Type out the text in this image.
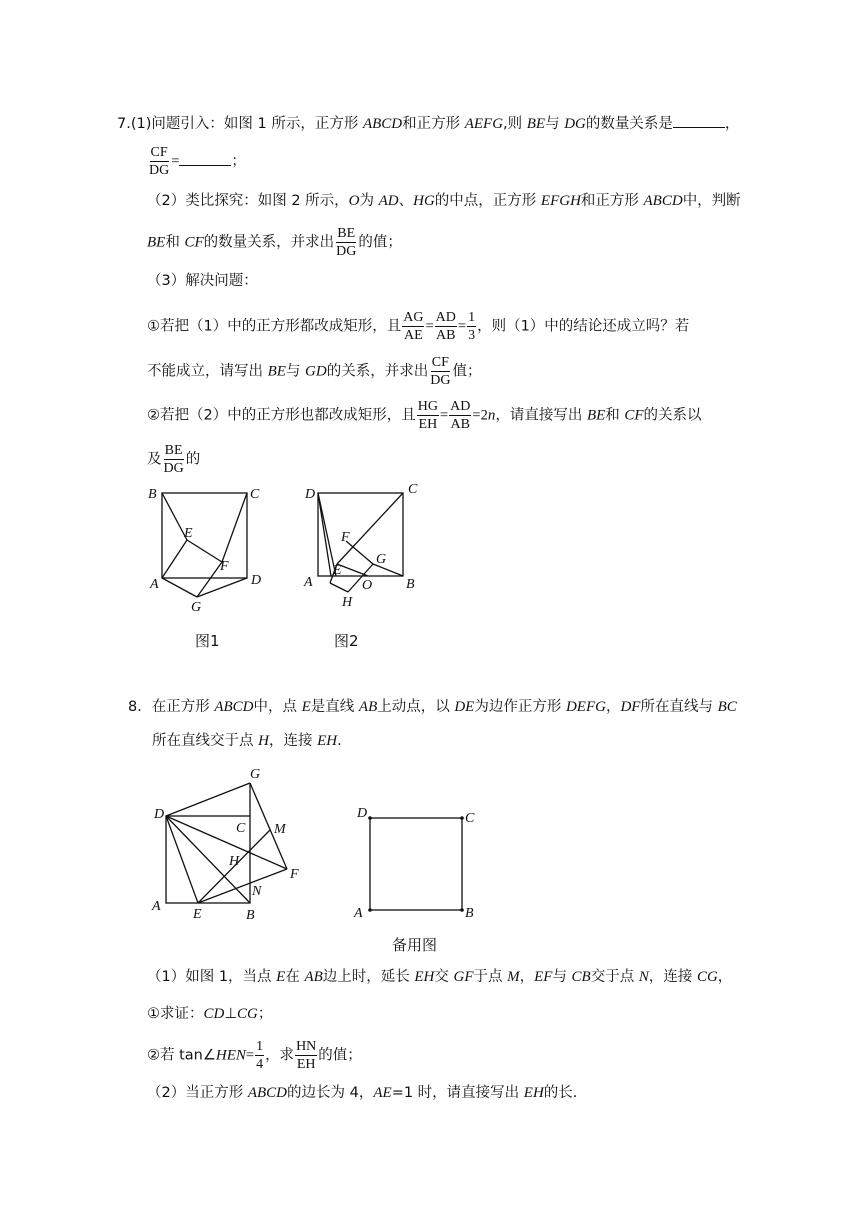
7.(1)问题引入：如图 1 所示，正方形 ABCD和正方形 AEFG,则 BE与 DG的数量关系是	，
$\frac{CF}{DG}$ =	；
（2）类比探究：如图 2 所示，O为 AD、HG的中点，正方形 EFGH和正方形 ABCD中，判断
BE和 CF的数量关系，并求出 $\frac{BE}{DG}$ 的值；
（3）解决问题：
①若把（1）中的正方形都改成矩形，且 $\frac{AG}{AE} = \frac{AD}{AB} = \frac{1}{3}$ ，则（1）中的结论还成立吗？若
不能成立，请写出 BE与 GD的关系，并求出 $\frac{CF}{DG}$ 值；
②若把（2）中的正方形也都改成矩形，且 $\frac{HG}{EH} = \frac{AD}{AB} =2n$，请直接写出 BE和 CF的关系以
及 $\frac{BE}{DG}$ 的
B	C
E
F
A	D
G
图1
D	C
F
G
A
E
O B
H
图2
8．在正方形 ABCD中，点 E是直线 AB上动点，以 DE为边作正方形 DEFG，DF所在直线与 BC
所在直线交于点 H，连接 EH.
G
D
C M
H
F
N
A
E	B
D	C
A	B
备用图
（1）如图 1，当点 E在 AB边上时，延长 EH交 GF于点 M，EF与 CB交于点 N，连接 CG，
①求证：CD⊥CG；
②若 tan∠HEN= $\frac{1}{4}$ ，求 $\frac{HN}{EH}$ 的值；
（2）当正方形 ABCD的边长为 4，AE=1 时，请直接写出 EH的长.
